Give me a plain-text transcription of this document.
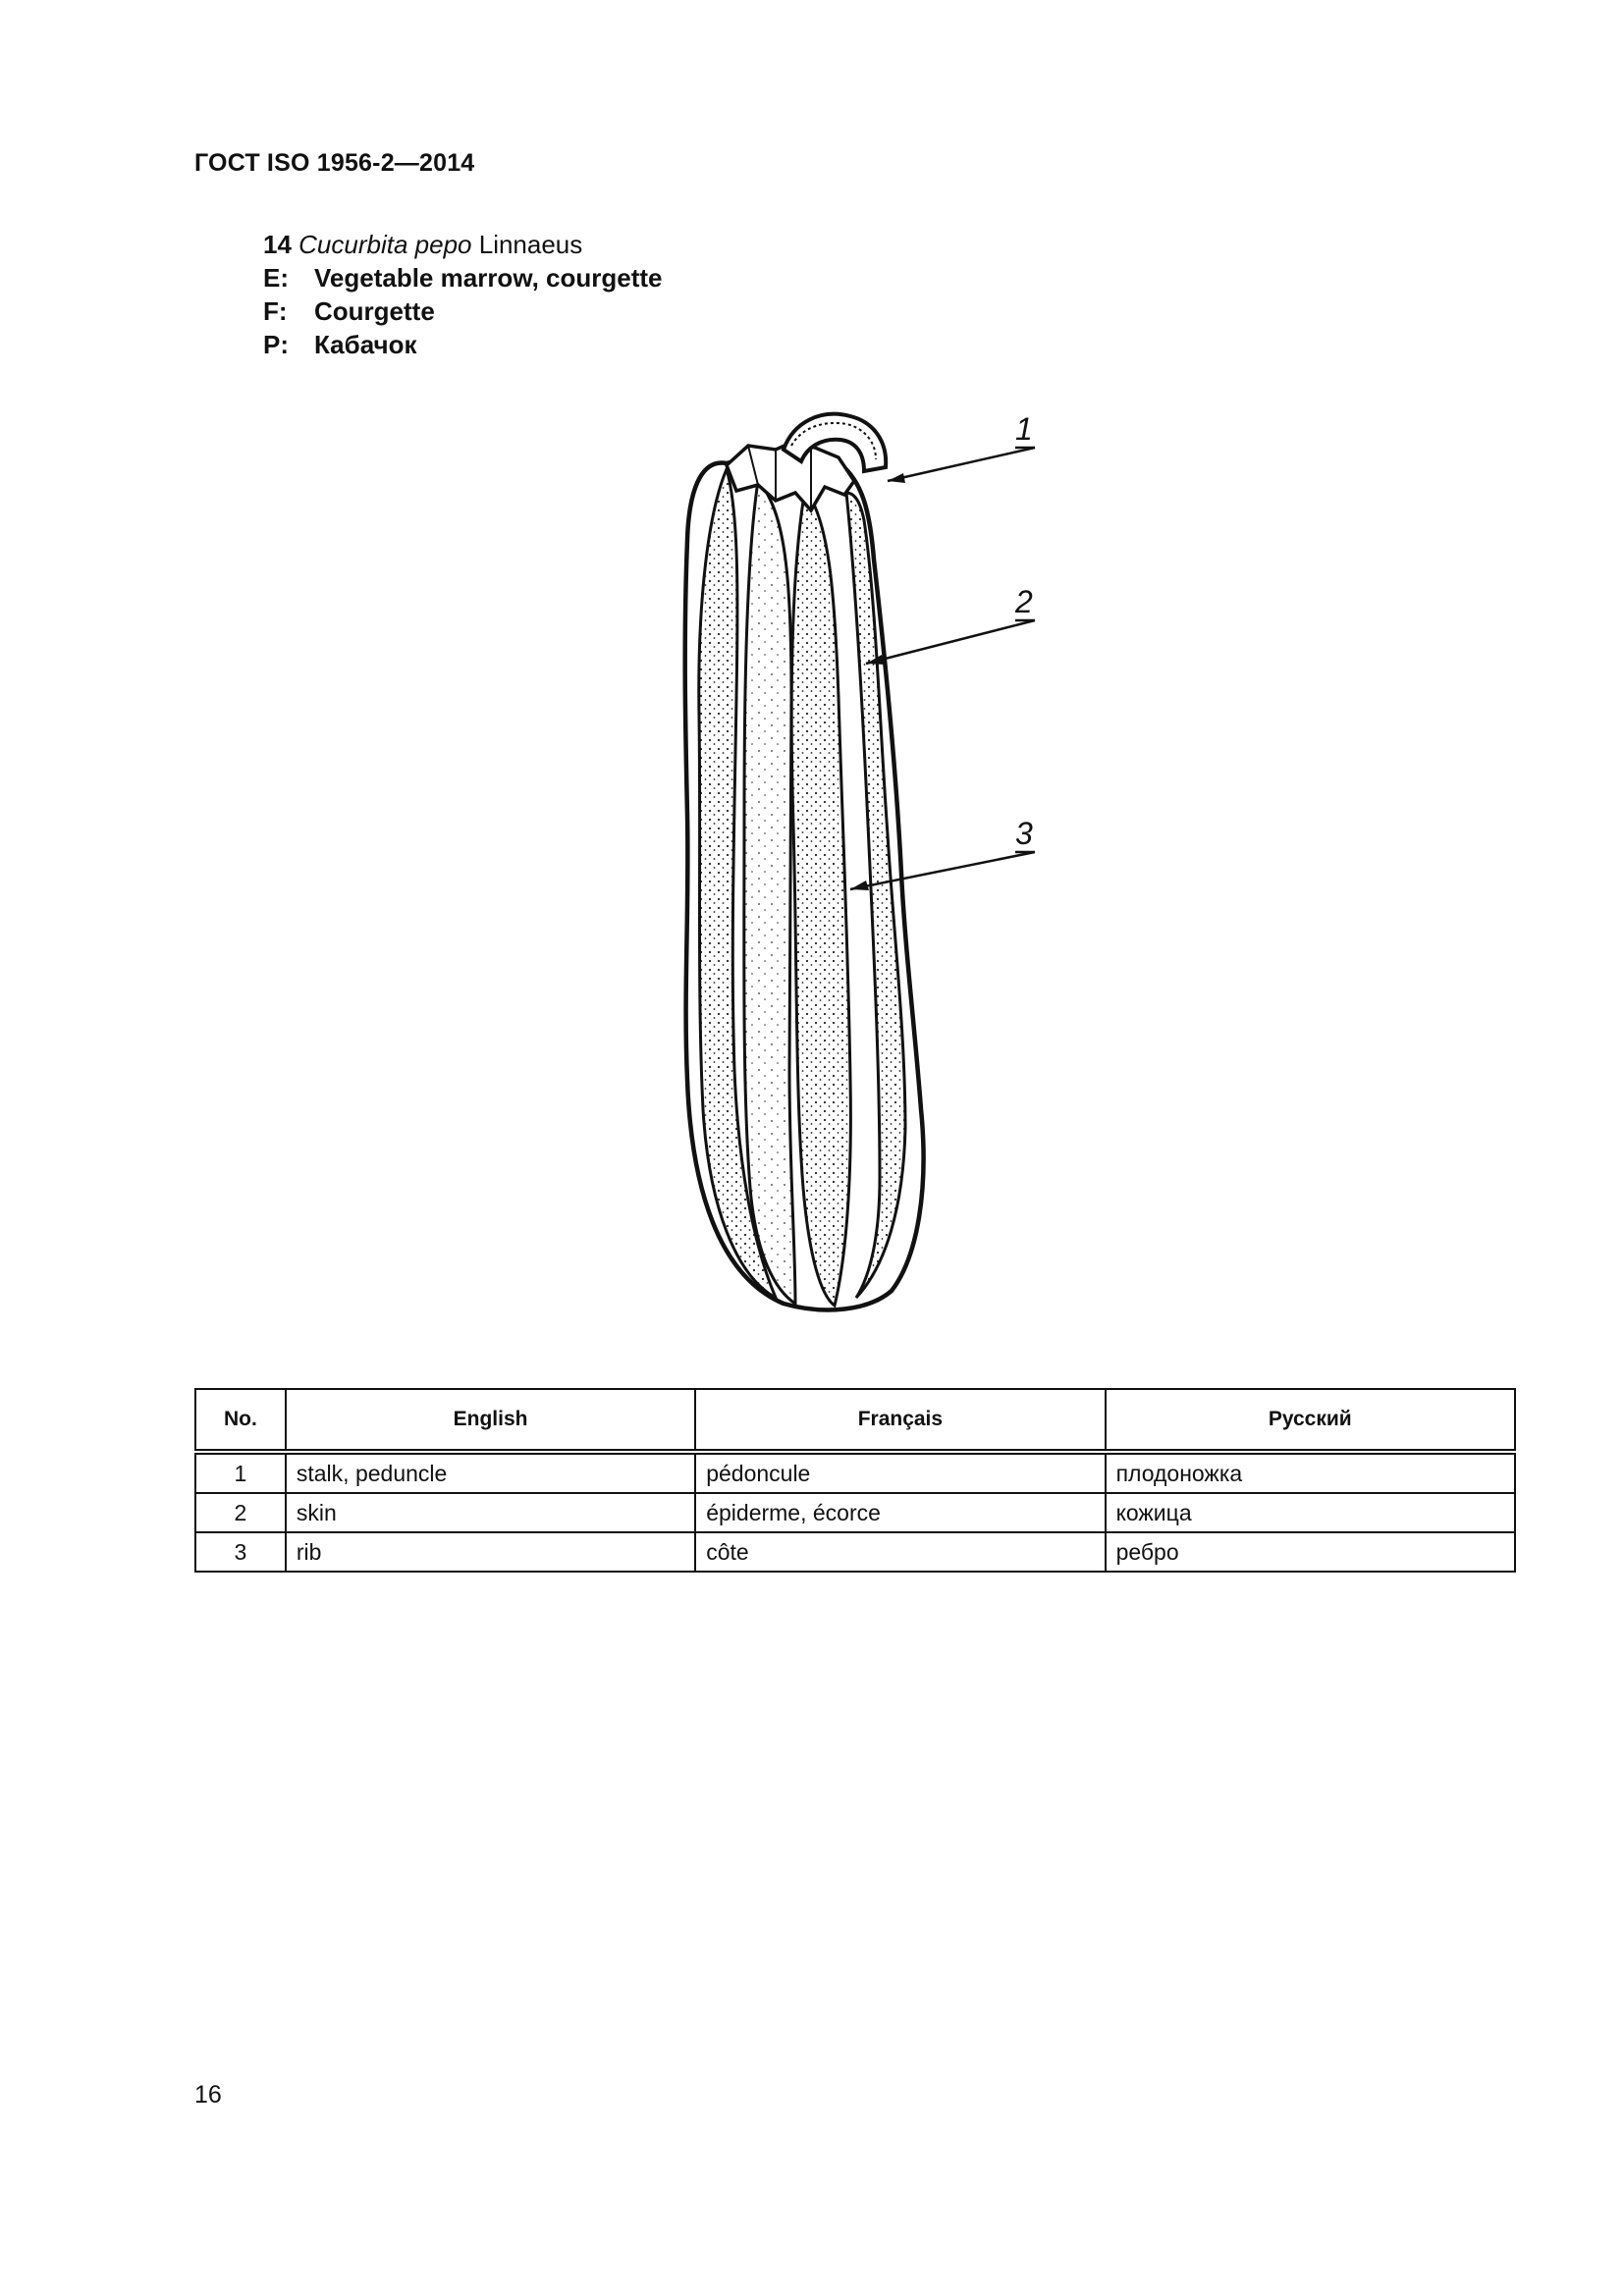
ГОСТ ISO 1956-2—2014
14 Cucurbita pepo Linnaeus
E: Vegetable marrow, courgette
F: Courgette
P: Кабачок
1
2
3
No.	English	Français	Русский
1	stalk, peduncle	pédoncule	плодоножка
2	skin	épiderme, écorce	кожица
3	rib	côte	ребро
16
